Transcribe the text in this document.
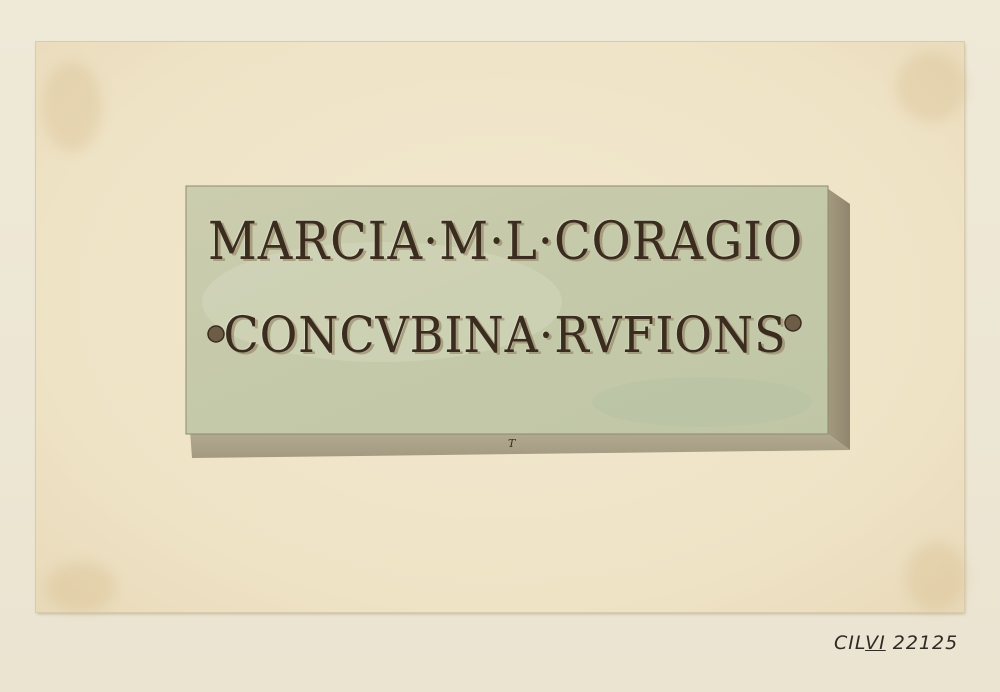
MARCIA·M·L·CORAGIO
CONCVBINA·RVFIONS
T
CILVI 22125
